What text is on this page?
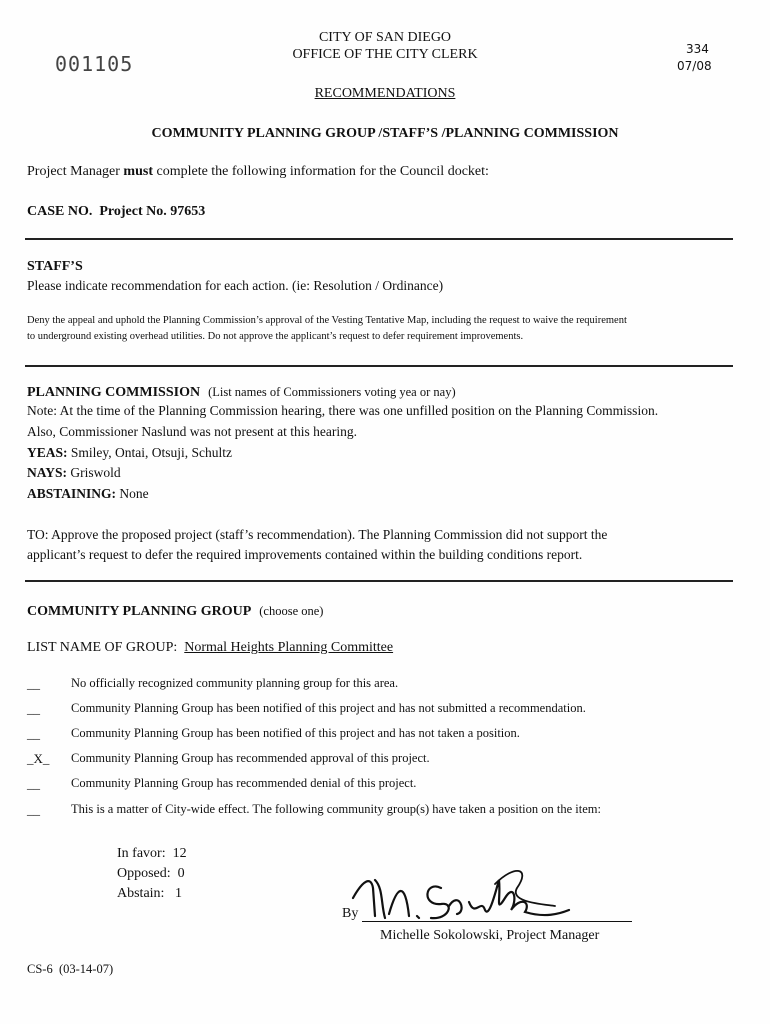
001105
CITY OF SAN DIEGO
OFFICE OF THE CITY CLERK	334
07/08
RECOMMENDATIONS
COMMUNITY PLANNING GROUP /STAFF’S /PLANNING COMMISSION
Project Manager must complete the following information for the Council docket:
CASE NO. Project No. 97653
STAFF’S
Please indicate recommendation for each action. (ie: Resolution / Ordinance)
Deny the appeal and uphold the Planning Commission’s approval of the Vesting Tentative Map, including the request to waive the requirement
to underground existing overhead utilities. Do not approve the applicant’s request to defer requirement improvements.
PLANNING COMMISSION (List names of Commissioners voting yea or nay)
Note: At the time of the Planning Commission hearing, there was one unfilled position on the Planning Commission.
Also, Commissioner Naslund was not present at this hearing.
YEAS: Smiley, Ontai, Otsuji, Schultz
NAYS: Griswold
ABSTAINING: None
TO: Approve the proposed project (staff’s recommendation). The Planning Commission did not support the
applicant’s request to defer the required improvements contained within the building conditions report.
COMMUNITY PLANNING GROUP (choose one)
LIST NAME OF GROUP: Normal Heights Planning Committee
__	No officially recognized community planning group for this area.
__	Community Planning Group has been notified of this project and has not submitted a recommendation.
__	Community Planning Group has been notified of this project and has not taken a position.
_X_ Community Planning Group has recommended approval of this project.
__	Community Planning Group has recommended denial of this project.
__	This is a matter of City-wide effect. The following community group(s) have taken a position on the item:
In favor: 12
Opposed: 0
Abstain: 1
By
Michelle Sokolowski, Project Manager
CS-6 (03-14-07)
